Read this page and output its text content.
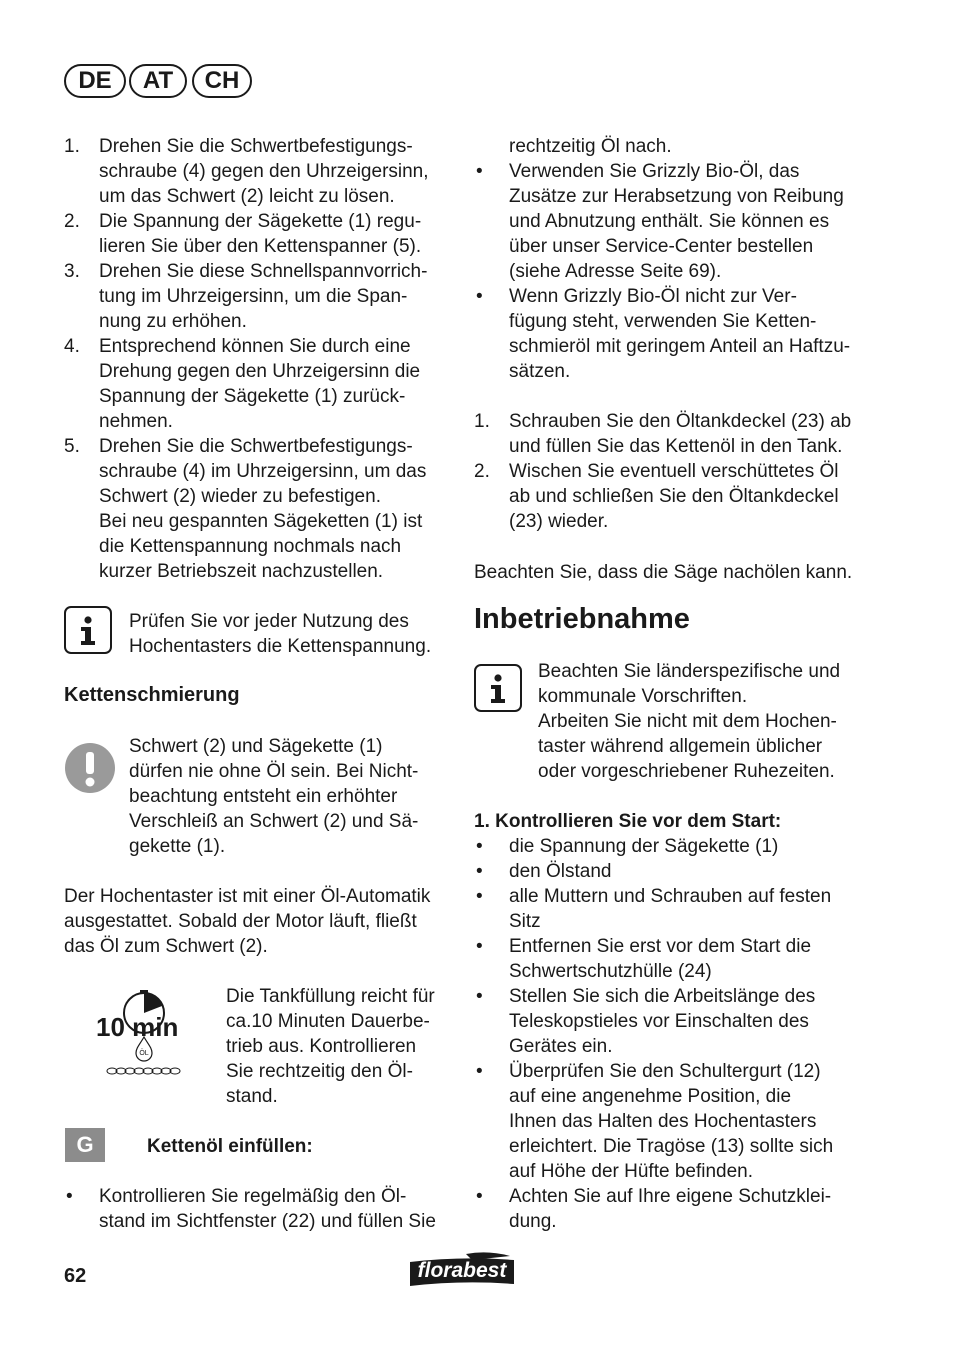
DE	AT	CH
1. Drehen Sie die Schwertbefestigungs-
schraube (4) gegen den Uhrzeigersinn,
um das Schwert (2) leicht zu lösen.
2. Die Spannung der Sägekette (1) regu-
lieren Sie über den Kettenspanner (5).
3. Drehen Sie diese Schnellspannvorrich-
tung im Uhrzeigersinn, um die Span-
nung zu erhöhen.
4. Entsprechend können Sie durch eine
Drehung gegen den Uhrzeigersinn die
Spannung der Sägekette (1) zurück-
nehmen.
5. Drehen Sie die Schwertbefestigungs-
schraube (4) im Uhrzeigersinn, um das
Schwert (2) wieder zu befestigen.
Bei neu gespannten Sägeketten (1) ist
die Kettenspannung nochmals nach
kurzer Betriebszeit nachzustellen.
Prüfen Sie vor jeder Nutzung des
Hochentasters die Kettenspannung.
Kettenschmierung
Schwert (2) und Sägekette (1)
dürfen nie ohne Öl sein. Bei Nicht-
beachtung entsteht ein erhöhter
Verschleiß an Schwert (2) und Sä-
gekette (1).
Der Hochentaster ist mit einer Öl-Automatik
ausgestattet. Sobald der Motor läuft, fließt
das Öl zum Schwert (2).
10 min
ÖL
Die Tankfüllung reicht für
ca.10 Minuten Dauerbe-
trieb aus. Kontrollieren
Sie rechtzeitig den Öl-
stand.
G	Kettenöl einfüllen:
• Kontrollieren Sie regelmäßig den Öl-
stand im Sichtfenster (22) und füllen Sie
rechtzeitig Öl nach.
• Verwenden Sie Grizzly Bio-Öl, das
Zusätze zur Herabsetzung von Reibung
und Abnutzung enthält. Sie können es
über unser Service-Center bestellen
(siehe Adresse Seite 69).
• Wenn Grizzly Bio-Öl nicht zur Ver-
fügung steht, verwenden Sie Ketten-
schmieröl mit geringem Anteil an Haftzu-
sätzen.
1. Schrauben Sie den Öltankdeckel (23) ab
und füllen Sie das Kettenöl in den Tank.
2. Wischen Sie eventuell verschüttetes Öl
ab und schließen Sie den Öltankdeckel
(23) wieder.
Beachten Sie, dass die Säge nachölen kann.
Inbetriebnahme
Beachten Sie länderspezifische und
kommunale Vorschriften.
Arbeiten Sie nicht mit dem Hochen-
taster während allgemein üblicher
oder vorgeschriebener Ruhezeiten.
1. Kontrollieren Sie vor dem Start:
• die Spannung der Sägekette (1)
• den Ölstand
• alle Muttern und Schrauben auf festen
Sitz
• Entfernen Sie erst vor dem Start die
Schwertschutzhülle (24)
• Stellen Sie sich die Arbeitslänge des
Teleskopstieles vor Einschalten des
Gerätes ein.
• Überprüfen Sie den Schultergurt (12)
auf eine angenehme Position, die
Ihnen das Halten des Hochentasters
erleichtert. Die Tragöse (13) sollte sich
auf Höhe der Hüfte befinden.
• Achten Sie auf Ihre eigene Schutzklei-
dung.
62	florabest
